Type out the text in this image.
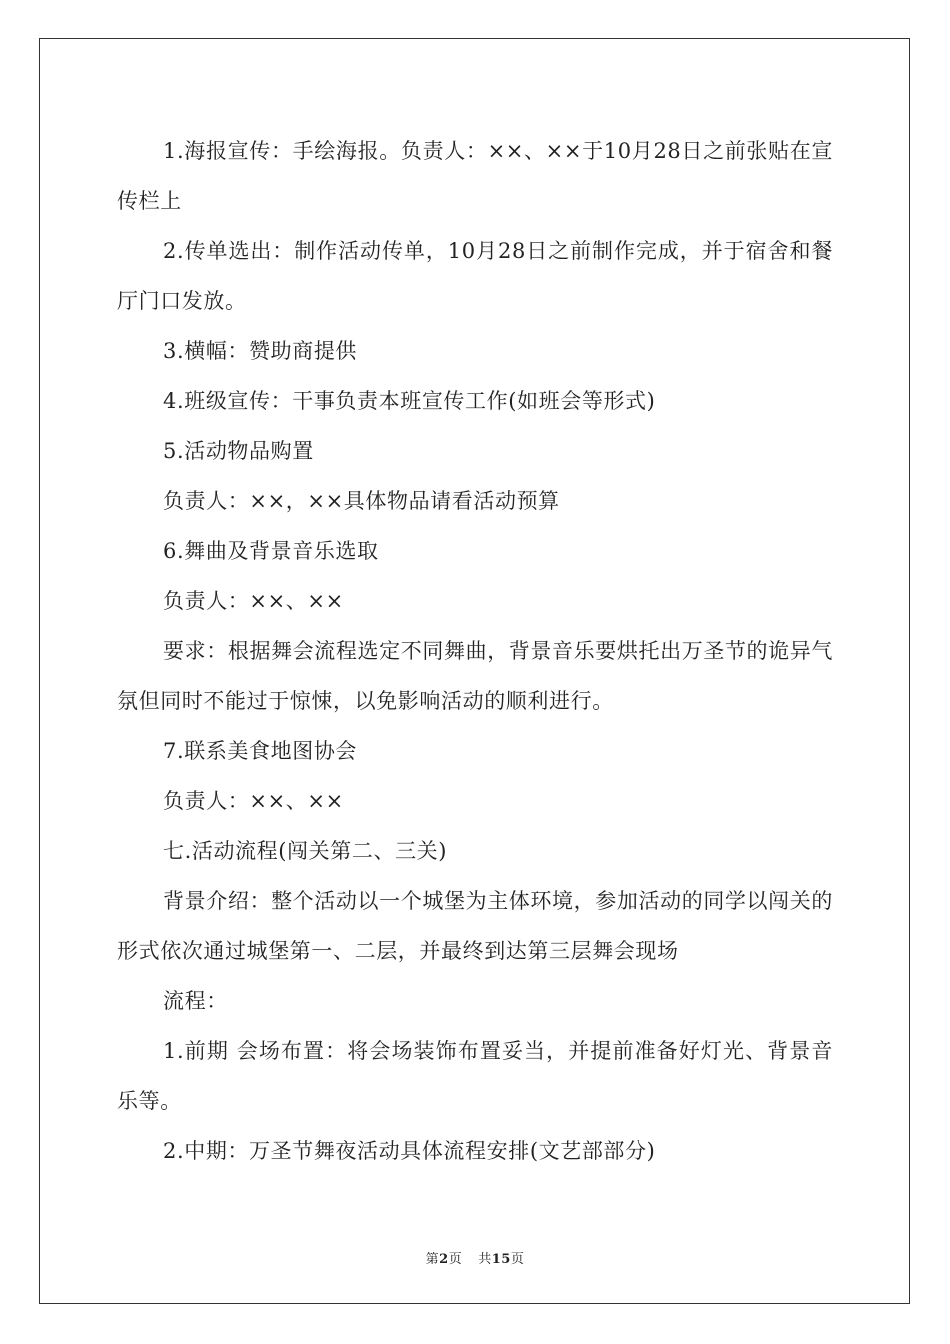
1.海报宣传：手绘海报。负责人：××、××于10月28日之前张贴在宣传栏上

2.传单选出：制作活动传单，10月28日之前制作完成，并于宿舍和餐厅门口发放。

3.横幅：赞助商提供

4.班级宣传：干事负责本班宣传工作(如班会等形式)

5.活动物品购置

负责人：××，××具体物品请看活动预算

6.舞曲及背景音乐选取

负责人：××、××

要求：根据舞会流程选定不同舞曲，背景音乐要烘托出万圣节的诡异气氛但同时不能过于惊悚，以免影响活动的顺利进行。

7.联系美食地图协会

负责人：××、××

七.活动流程(闯关第二、三关)

背景介绍：整个活动以一个城堡为主体环境，参加活动的同学以闯关的形式依次通过城堡第一、二层，并最终到达第三层舞会现场

流程：

1.前期 会场布置：将会场装饰布置妥当，并提前准备好灯光、背景音乐等。

2.中期：万圣节舞夜活动具体流程安排(文艺部部分)

第2页 共15页
